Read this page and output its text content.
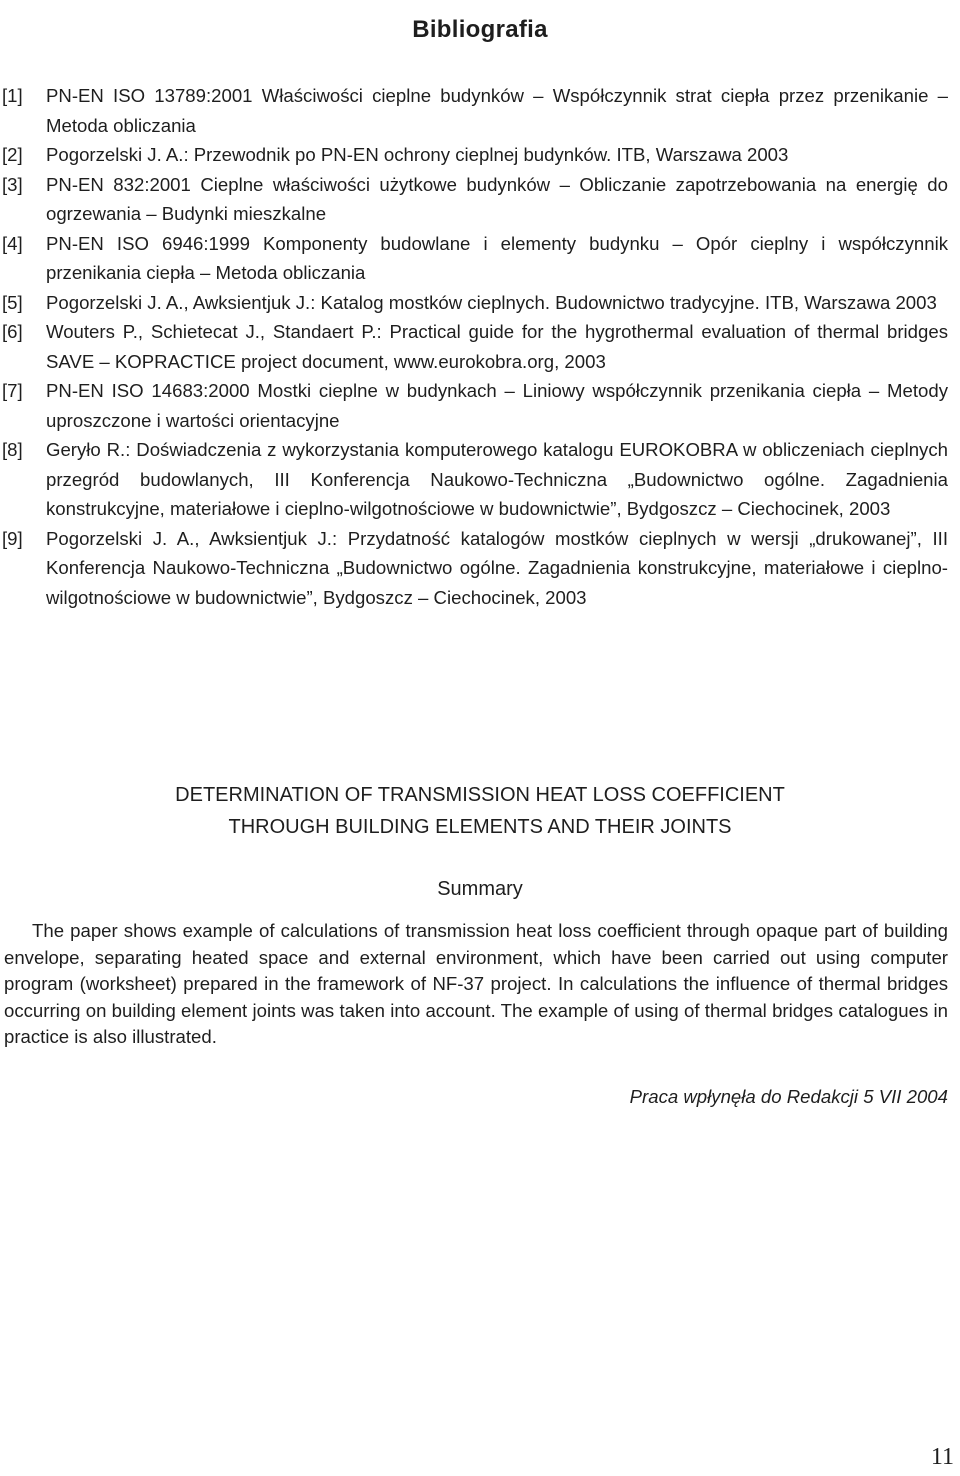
Bibliografia
[1] PN-EN ISO 13789:2001 Właściwości cieplne budynków – Współczynnik strat ciepła przez przenikanie – Metoda obliczania
[2] Pogorzelski J. A.: Przewodnik po PN-EN ochrony cieplnej budynków. ITB, Warszawa 2003
[3] PN-EN 832:2001 Cieplne właściwości użytkowe budynków – Obliczanie zapotrzebowania na energię do ogrzewania – Budynki mieszkalne
[4] PN-EN ISO 6946:1999 Komponenty budowlane i elementy budynku – Opór cieplny i współczynnik przenikania ciepła – Metoda obliczania
[5] Pogorzelski J. A., Awksientjuk J.: Katalog mostków cieplnych. Budownictwo tradycyjne. ITB, Warszawa 2003
[6] Wouters P., Schietecat J., Standaert P.: Practical guide for the hygrothermal evaluation of thermal bridges SAVE – KOPRACTICE project document, www.eurokobra.org, 2003
[7] PN-EN ISO 14683:2000 Mostki cieplne w budynkach – Liniowy współczynnik przenikania ciepła – Metody uproszczone i wartości orientacyjne
[8] Geryło R.: Doświadczenia z wykorzystania komputerowego katalogu EUROKOBRA w obliczeniach cieplnych przegród budowlanych, III Konferencja Naukowo-Techniczna „Budownictwo ogólne. Zagadnienia konstrukcyjne, materiałowe i cieplno-wilgotnościowe w budownictwie”, Bydgoszcz – Ciechocinek, 2003
[9] Pogorzelski J. A., Awksientjuk J.: Przydatność katalogów mostków cieplnych w wersji „drukowanej”, III Konferencja Naukowo-Techniczna „Budownictwo ogólne. Zagadnienia konstrukcyjne, materiałowe i cieplno-wilgotnościowe w budownictwie”, Bydgoszcz – Ciechocinek, 2003
DETERMINATION OF TRANSMISSION HEAT LOSS COEFFICIENT
THROUGH BUILDING ELEMENTS AND THEIR JOINTS
Summary

The paper shows example of calculations of transmission heat loss coefficient through opaque part of building envelope, separating heated space and external environment, which have been carried out using computer program (worksheet) prepared in the framework of NF-37 project. In calculations the influence of thermal bridges occurring on building element joints was taken into account. The example of using of thermal bridges catalogues in practice is also illustrated.

Praca wpłynęła do Redakcji 5 VII 2004
11
